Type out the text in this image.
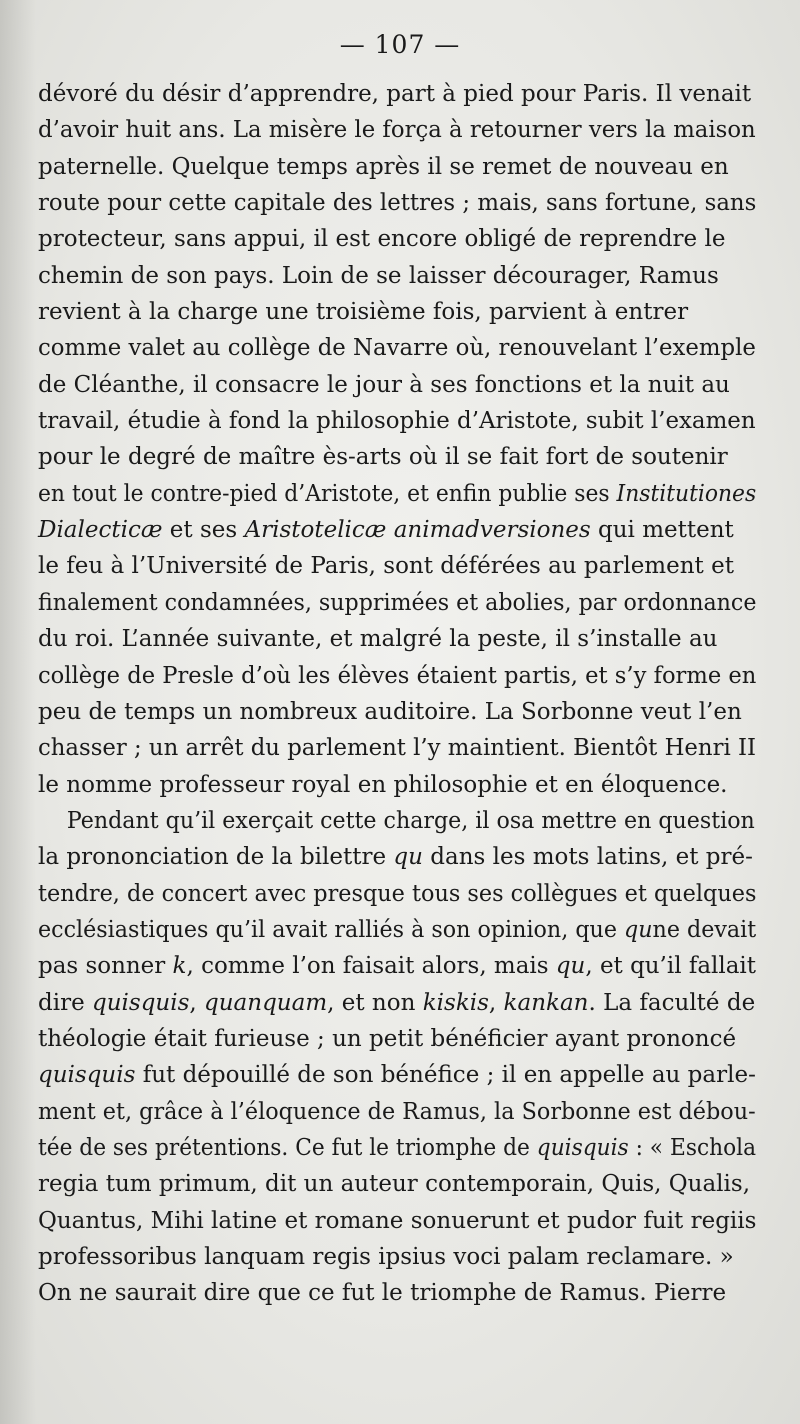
— 107 —
dévoré du désir d’apprendre, part à pied pour Paris. Il venait
d’avoir huit ans. La misère le força à retourner vers la maison
paternelle. Quelque temps après il se remet de nouveau en
route pour cette capitale des lettres ; mais, sans fortune, sans
protecteur, sans appui, il est encore obligé de reprendre le
chemin de son pays. Loin de se laisser décourager, Ramus
revient à la charge une troisième fois, parvient à entrer
comme valet au collège de Navarre où, renouvelant l’exemple
de Cléanthe, il consacre le jour à ses fonctions et la nuit au
travail, étudie à fond la philosophie d’Aristote, subit l’examen
pour le degré de maître ès-arts où il se fait fort de soutenir
en tout le contre-pied d’Aristote, et enfin publie ses Institutiones
Dialecticæ et ses Aristotelicæ animadversiones qui mettent
le feu à l’Université de Paris, sont déférées au parlement et
finalement condamnées, supprimées et abolies, par ordonnance
du roi. L’année suivante, et malgré la peste, il s’installe au
collège de Presle d’où les élèves étaient partis, et s’y forme en
peu de temps un nombreux auditoire. La Sorbonne veut l’en
chasser ; un arrêt du parlement l’y maintient. Bientôt Henri II
le nomme professeur royal en philosophie et en éloquence.
Pendant qu’il exerçait cette charge, il osa mettre en question
la prononciation de la bilettre qu dans les mots latins, et pré-
tendre, de concert avec presque tous ses collègues et quelques
ecclésiastiques qu’il avait ralliés à son opinion, que qune devait
pas sonner k, comme l’on faisait alors, mais qu, et qu’il fallait
dire quisquis, quanquam, et non kiskis, kankan. La faculté de
théologie était furieuse ; un petit bénéficier ayant prononcé
quisquis fut dépouillé de son bénéfice ; il en appelle au parle-
ment et, grâce à l’éloquence de Ramus, la Sorbonne est débou-
tée de ses prétentions. Ce fut le triomphe de quisquis : « Eschola
regia tum primum, dit un auteur contemporain, Quis, Qualis,
Quantus, Mihi latine et romane sonuerunt et pudor fuit regiis
professoribus lanquam regis ipsius voci palam reclamare. »
On ne saurait dire que ce fut le triomphe de Ramus. Pierre
